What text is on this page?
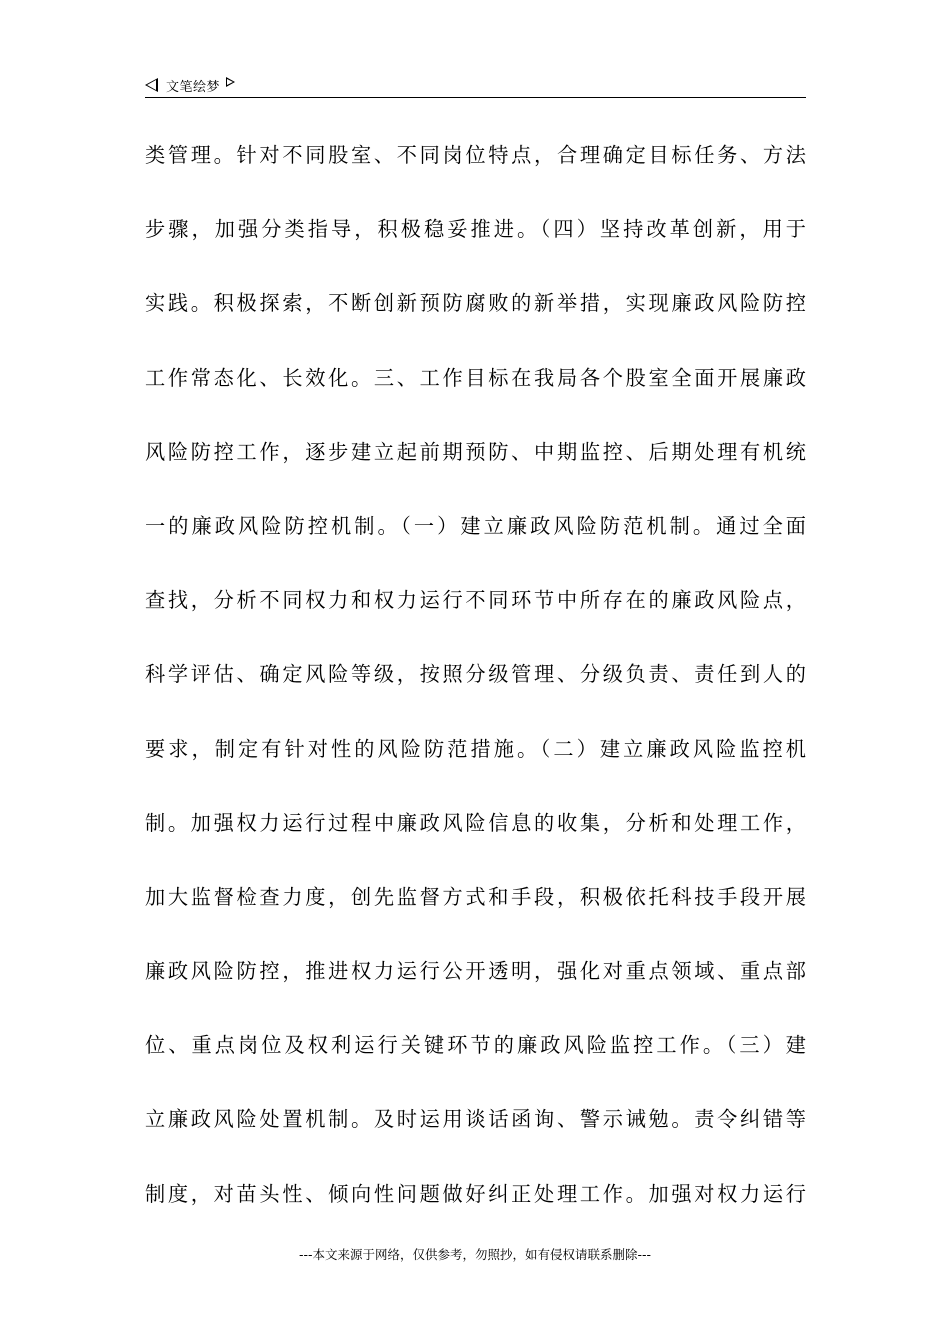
文笔绘梦
类管理。针对不同股室、不同岗位特点，合理确定目标任务、方法
步骤，加强分类指导，积极稳妥推进。（四）坚持改革创新，用于
实践。积极探索，不断创新预防腐败的新举措，实现廉政风险防控
工作常态化、长效化。三、工作目标在我局各个股室全面开展廉政
风险防控工作，逐步建立起前期预防、中期监控、后期处理有机统
一的廉政风险防控机制。（一）建立廉政风险防范机制。通过全面
查找，分析不同权力和权力运行不同环节中所存在的廉政风险点，
科学评估、确定风险等级，按照分级管理、分级负责、责任到人的
要求，制定有针对性的风险防范措施。（二）建立廉政风险监控机
制。加强权力运行过程中廉政风险信息的收集，分析和处理工作，
加大监督检查力度，创先监督方式和手段，积极依托科技手段开展
廉政风险防控，推进权力运行公开透明，强化对重点领域、重点部
位、重点岗位及权利运行关键环节的廉政风险监控工作。（三）建
立廉政风险处置机制。及时运用谈话函询、警示诫勉。责令纠错等
制度，对苗头性、倾向性问题做好纠正处理工作。加强对权力运行
---本文来源于网络，仅供参考，勿照抄，如有侵权请联系删除---
